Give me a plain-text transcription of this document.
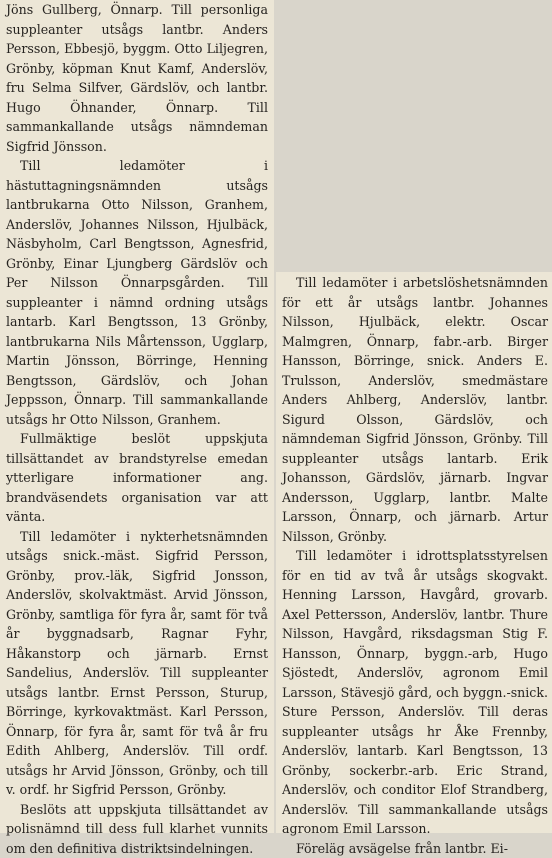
Jöns Gullberg, Önnarp. Till personliga suppleanter utsågs lantbr. Anders Persson, Ebbesjö, byggm. Otto Liljegren, Grönby, köpman Knut Kamf, Anderslöv, fru Selma Silfver, Gärdslöv, och lantbr. Hugo Öhnander, Önnarp. Till sammankallande utsågs nämndeman Sigfrid Jönsson.

Till ledamöter i hästuttagningsnämnden utsågs lantbrukarna Otto Nilsson, Granhem, Anderslöv, Johannes Nilsson, Hjulbäck, Näsbyholm, Carl Bengtsson, Agnesfrid, Grönby, Einar Ljungberg Gärdslöv och Per Nilsson Önnarpsgården. Till suppleanter i nämnd ordning utsågs lantarb. Karl Bengtsson, 13 Grönby, lantbrukarna Nils Mårtensson, Ugglarp, Martin Jönsson, Börringe, Henning Bengtsson, Gärdslöv, och Johan Jeppsson, Önnarp. Till sammankallande utsågs hr Otto Nilsson, Granhem.

Fullmäktige beslöt uppskjuta tillsättandet av brandstyrelse emedan ytterligare informationer ang. brandväsendets organisation var att vänta.

Till ledamöter i nykterhetsnämnden utsågs snick.-mäst. Sigfrid Persson, Grönby, prov.-läk, Sigfrid Jonsson, Anderslöv, skolvaktmäst. Arvid Jönsson, Grönby, samtliga för fyra år, samt för två år byggnadsarb, Ragnar Fyhr, Håkanstorp och järnarb. Ernst Sandelius, Anderslöv. Till suppleanter utsågs lantbr. Ernst Persson, Sturup, Börringe, kyrkovaktmäst. Karl Persson, Önnarp, för fyra år, samt för två år fru Edith Ahlberg, Anderslöv. Till ordf. utsågs hr Arvid Jönsson, Grönby, och till v. ordf. hr Sigfrid Persson, Grönby.

Beslöts att uppskjuta tillsättandet av polisnämnd till dess full klarhet vunnits om den definitiva distriktsindelningen.

Till ledamöter i arbetslöshetsnämnden för ett år utsågs lantbr. Johannes Nilsson, Hjulbäck, elektr. Oscar Malmgren, Önnarp, fabr.-arb. Birger Hansson, Börringe, snick. Anders E. Trulsson, Anderslöv, smedmästare Anders Ahlberg, Anderslöv, lantbr. Sigurd Olsson, Gärdslöv, och nämndeman Sigfrid Jönsson, Grönby. Till suppleanter utsågs lantarb. Erik Johansson, Gärdslöv, järnarb. Ingvar Andersson, Ugglarp, lantbr. Malte Larsson, Önnarp, och järnarb. Artur Nilsson, Grönby.

Till ledamöter i idrottsplatsstyrelsen för en tid av två år utsågs skogvakt. Henning Larsson, Havgård, grovarb. Axel Pettersson, Anderslöv, lantbr. Thure Nilsson, Havgård, riksdagsman Stig F. Hansson, Önnarp, byggn.-arb, Hugo Sjöstedt, Anderslöv, agronom Emil Larsson, Stävesjö gård, och byggn.-snick. Sture Persson, Anderslöv. Till deras suppleanter utsågs hr Åke Frennby, Anderslöv, lantarb. Karl Bengtsson, 13 Grönby, sockerbr.-arb. Eric Strand, Anderslöv, och conditor Elof Strandberg, Anderslöv. Till sammankallande utsågs agronom Emil Larsson.

Föreläg avsägelse från lantbr. Ei-
